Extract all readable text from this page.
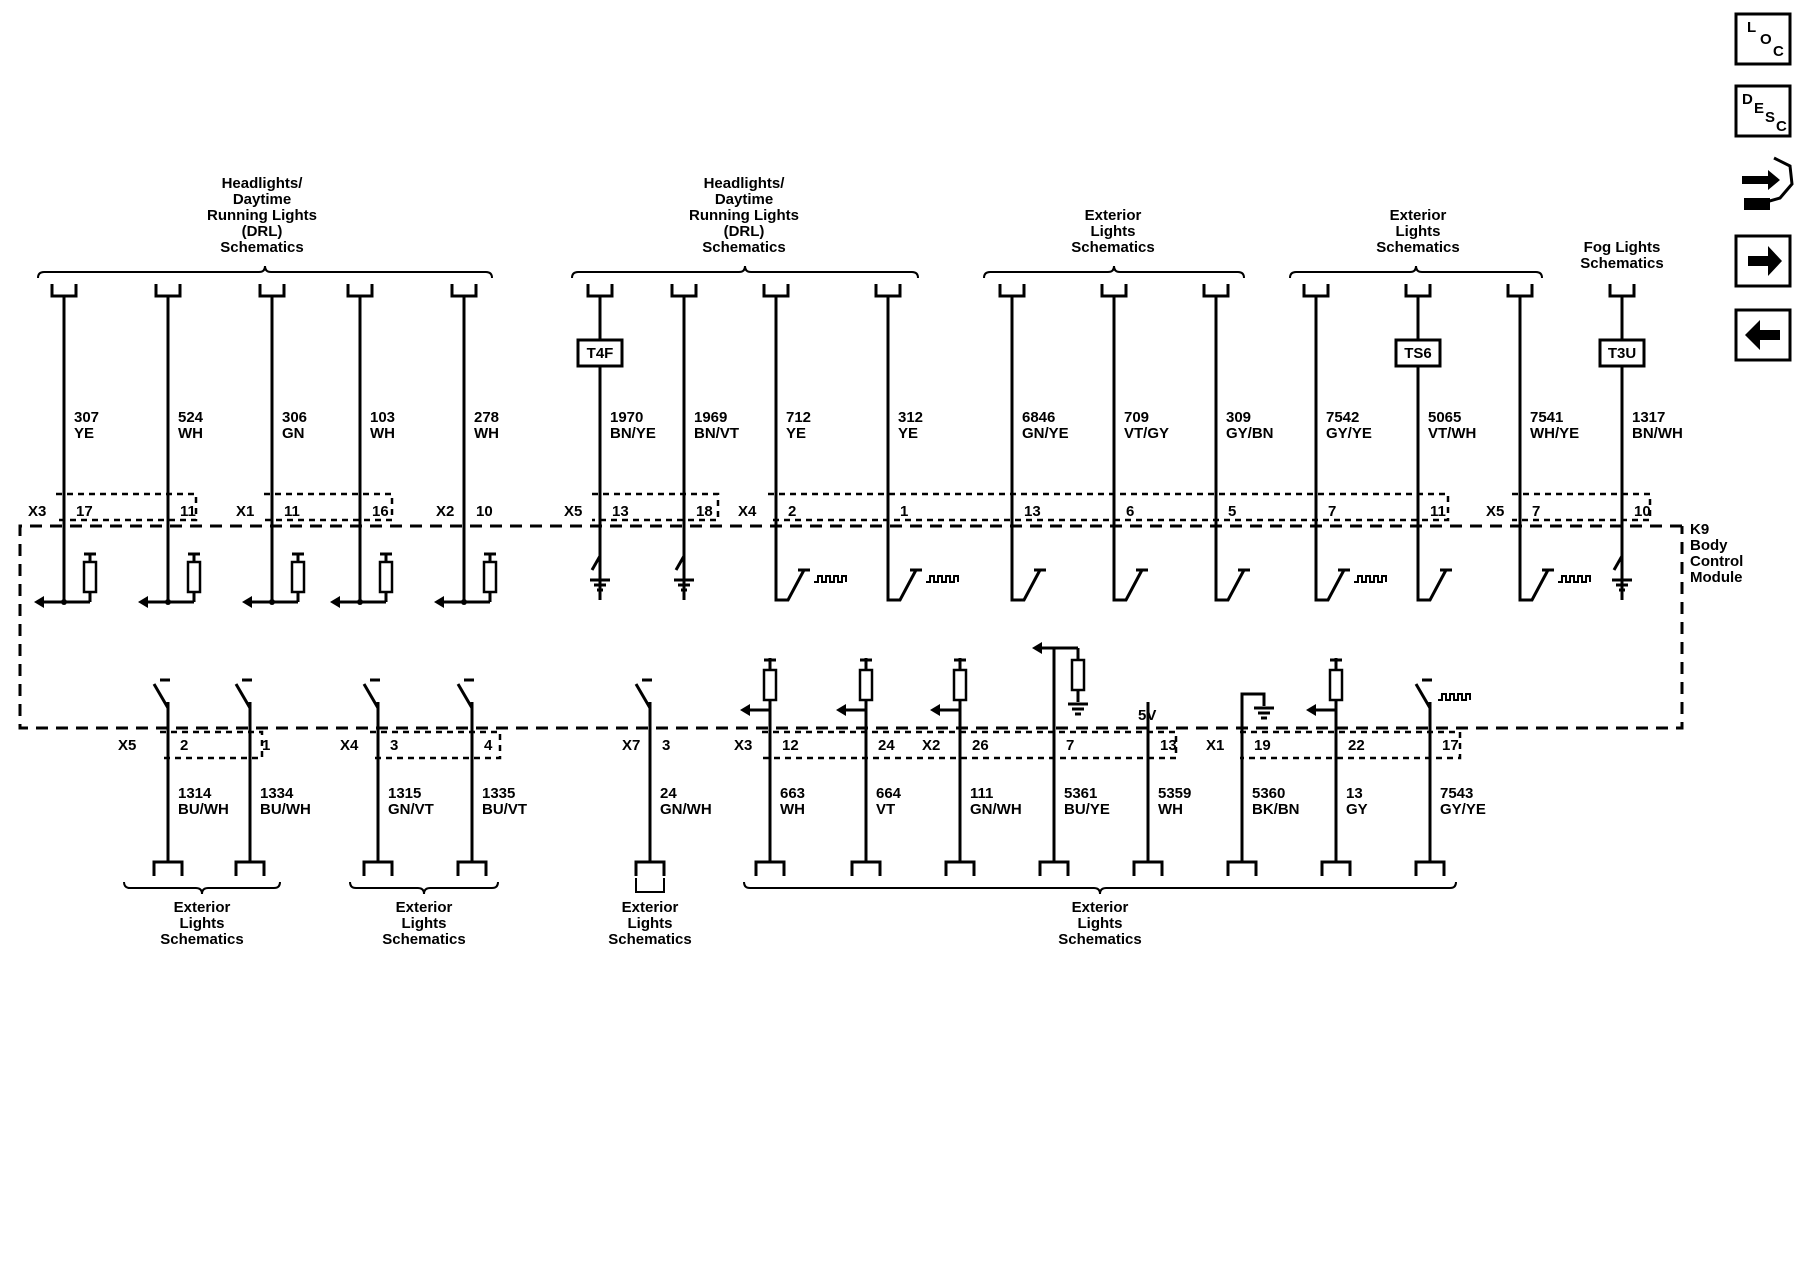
L
O
C
D
E
S
C
Headlights/
Daytime
Running Lights
(DRL)
Schematics
Headlights/
Daytime
Running Lights
(DRL)
Schematics
Exterior
Lights
Schematics
Exterior
Lights
Schematics	Fog Lights
Schematics
Exterior
Lights
Schematics
Exterior
Lights
Schematics
Exterior
Lights
Schematics
Exterior
Lights
Schematics
307
YE
17
524
WH
11
306
GN
11
103
WH
16
278
WH
10
T4F
1970
BN/YE
13
1969
BN/VT
18
712
YE
2
312
YE
1
6846
GN/YE
13
709
VT/GY
6
309
GY/BN
5
7542
GY/YE
7
TS6
5065
VT/WH
11
7541
WH/YE
7
T3U
1317
BN/WH
10
1314
BU/WH
2
1334
BU/WH
1
1315
GN/VT
3
1335
BU/VT
4
24
GN/WH
3
663
WH
12
664
VT
24
111
GN/WH
26
5361
BU/YE
7
5359
WH
13
5360
BK/BN
19
13
GY
22
7543
GY/YE
17
K9
Body
Control
Module
5V
X3	X1	X2	X5	X4	X5
X5	X4	X7	X3	X2	X1
